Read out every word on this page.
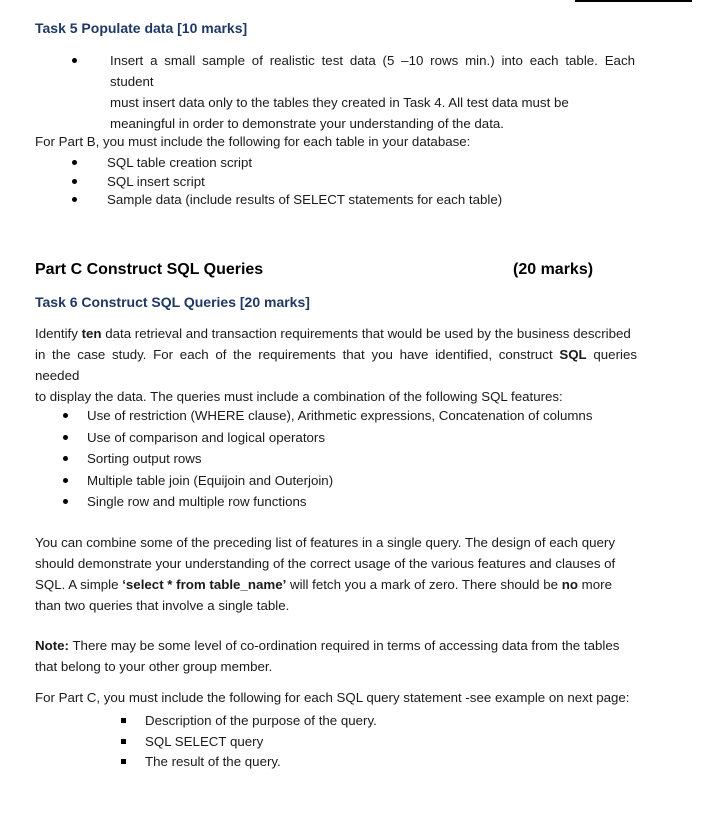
Task 5 Populate data [10 marks]
Insert a small sample of realistic test data (5 –10 rows min.) into each table. Each student
must insert data only to the tables they created in Task 4. All test data must be
meaningful in order to demonstrate your understanding of the data.
For Part B, you must include the following for each table in your database:
SQL table creation script
SQL insert script
Sample data (include results of SELECT statements for each table)
Part C Construct SQL Queries	(20 marks)
Task 6 Construct SQL Queries [20 marks]
Identify ten data retrieval and transaction requirements that would be used by the business described
in the case study. For each of the requirements that you have identified, construct SQL queries needed
to display the data. The queries must include a combination of the following SQL features:
Use of restriction (WHERE clause), Arithmetic expressions, Concatenation of columns
Use of comparison and logical operators
Sorting output rows
Multiple table join (Equijoin and Outerjoin)
Single row and multiple row functions
You can combine some of the preceding list of features in a single query. The design of each query
should demonstrate your understanding of the correct usage of the various features and clauses of
SQL. A simple ‘select * from table_name’ will fetch you a mark of zero. There should be no more
than two queries that involve a single table.
Note: There may be some level of co-ordination required in terms of accessing data from the tables
that belong to your other group member.
For Part C, you must include the following for each SQL query statement -see example on next page:
Description of the purpose of the query.
SQL SELECT query
The result of the query.
